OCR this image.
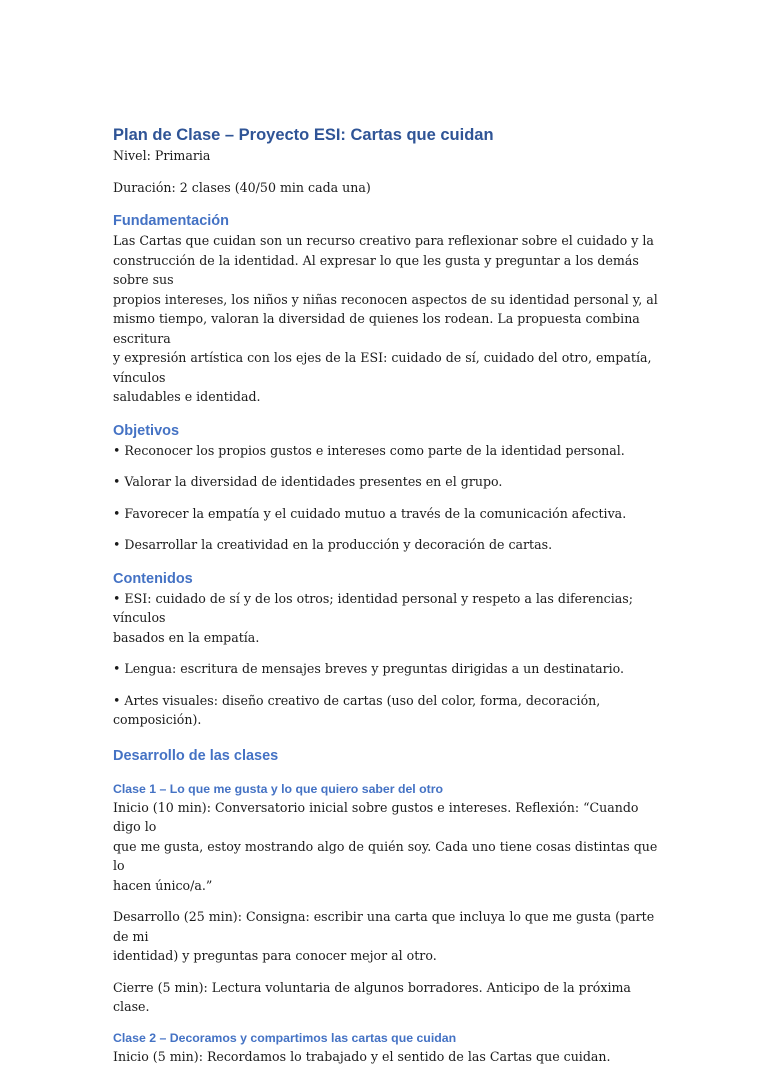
Plan de Clase – Proyecto ESI: Cartas que cuidan

Nivel: Primaria

Duración: 2 clases (40/50 min cada una)

Fundamentación

Las Cartas que cuidan son un recurso creativo para reflexionar sobre el cuidado y la

construcción de la identidad. Al expresar lo que les gusta y preguntar a los demás sobre sus

propios intereses, los niños y niñas reconocen aspectos de su identidad personal y, al

mismo tiempo, valoran la diversidad de quienes los rodean. La propuesta combina escritura

y expresión artística con los ejes de la ESI: cuidado de sí, cuidado del otro, empatía, vínculos

saludables e identidad.

Objetivos

• Reconocer los propios gustos e intereses como parte de la identidad personal.

• Valorar la diversidad de identidades presentes en el grupo.

• Favorecer la empatía y el cuidado mutuo a través de la comunicación afectiva.

• Desarrollar la creatividad en la producción y decoración de cartas.

Contenidos

• ESI: cuidado de sí y de los otros; identidad personal y respeto a las diferencias; vínculos

basados en la empatía.

• Lengua: escritura de mensajes breves y preguntas dirigidas a un destinatario.

• Artes visuales: diseño creativo de cartas (uso del color, forma, decoración, composición).

Desarrollo de las clases
Clase 1 – Lo que me gusta y lo que quiero saber del otro

Inicio (10 min): Conversatorio inicial sobre gustos e intereses. Reflexión: “Cuando digo lo

que me gusta, estoy mostrando algo de quién soy. Cada uno tiene cosas distintas que lo

hacen único/a.”

Desarrollo (25 min): Consigna: escribir una carta que incluya lo que me gusta (parte de mi

identidad) y preguntas para conocer mejor al otro.

Cierre (5 min): Lectura voluntaria de algunos borradores. Anticipo de la próxima clase.

Clase 2 – Decoramos y compartimos las cartas que cuidan

Inicio (5 min): Recordamos lo trabajado y el sentido de las Cartas que cuidan.
